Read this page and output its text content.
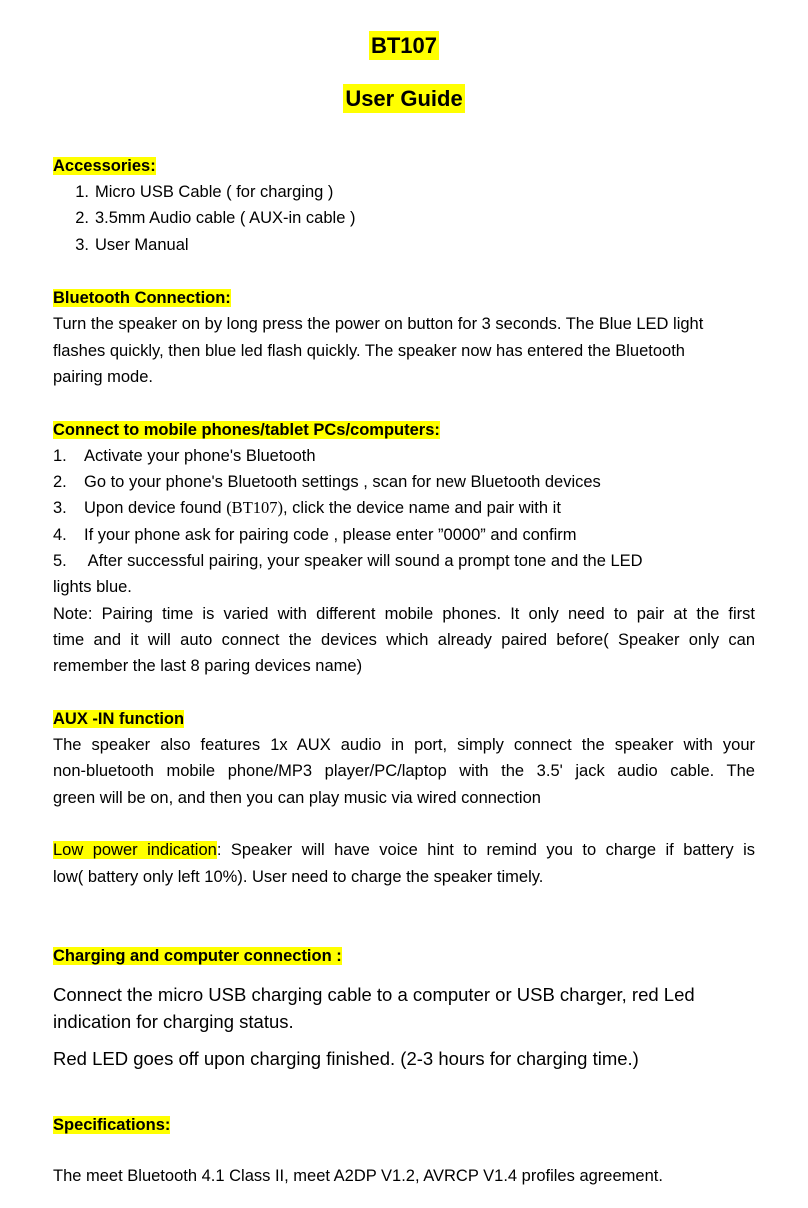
BT107
User Guide
Accessories:
1. Micro USB Cable ( for charging )
2. 3.5mm Audio cable ( AUX-in cable )
3. User Manual
Bluetooth Connection:
Turn the speaker on by long press the power on button for 3 seconds. The Blue LED light
flashes quickly, then blue led flash quickly. The speaker now has entered the Bluetooth
pairing mode.
Connect to mobile phones/tablet PCs/computers:
1. Activate your phone's Bluetooth
2. Go to your phone's Bluetooth settings , scan for new Bluetooth devices
3. Upon device found (BT107), click the device name and pair with it
4. If your phone ask for pairing code , please enter ”0000” and confirm
5. After successful pairing, your speaker will sound a prompt tone and the LED
lights blue.
Note: Pairing time is varied with different mobile phones. It only need to pair at the first
time and it will auto connect the devices which already paired before( Speaker only can
remember the last 8 paring devices name)
AUX -IN function
The speaker also features 1x AUX audio in port, simply connect the speaker with your
non-bluetooth mobile phone/MP3 player/PC/laptop with the 3.5' jack audio cable. The
green will be on, and then you can play music via wired connection
Low power indication: Speaker will have voice hint to remind you to charge if battery is
low( battery only left 10%). User need to charge the speaker timely.
Charging and computer connection :
Connect the micro USB charging cable to a computer or USB charger, red Led
indication for charging status.
Red LED goes off upon charging finished. (2-3 hours for charging time.)
Specifications:
The meet Bluetooth 4.1 Class II, meet A2DP V1.2, AVRCP V1.4 profiles agreement.
